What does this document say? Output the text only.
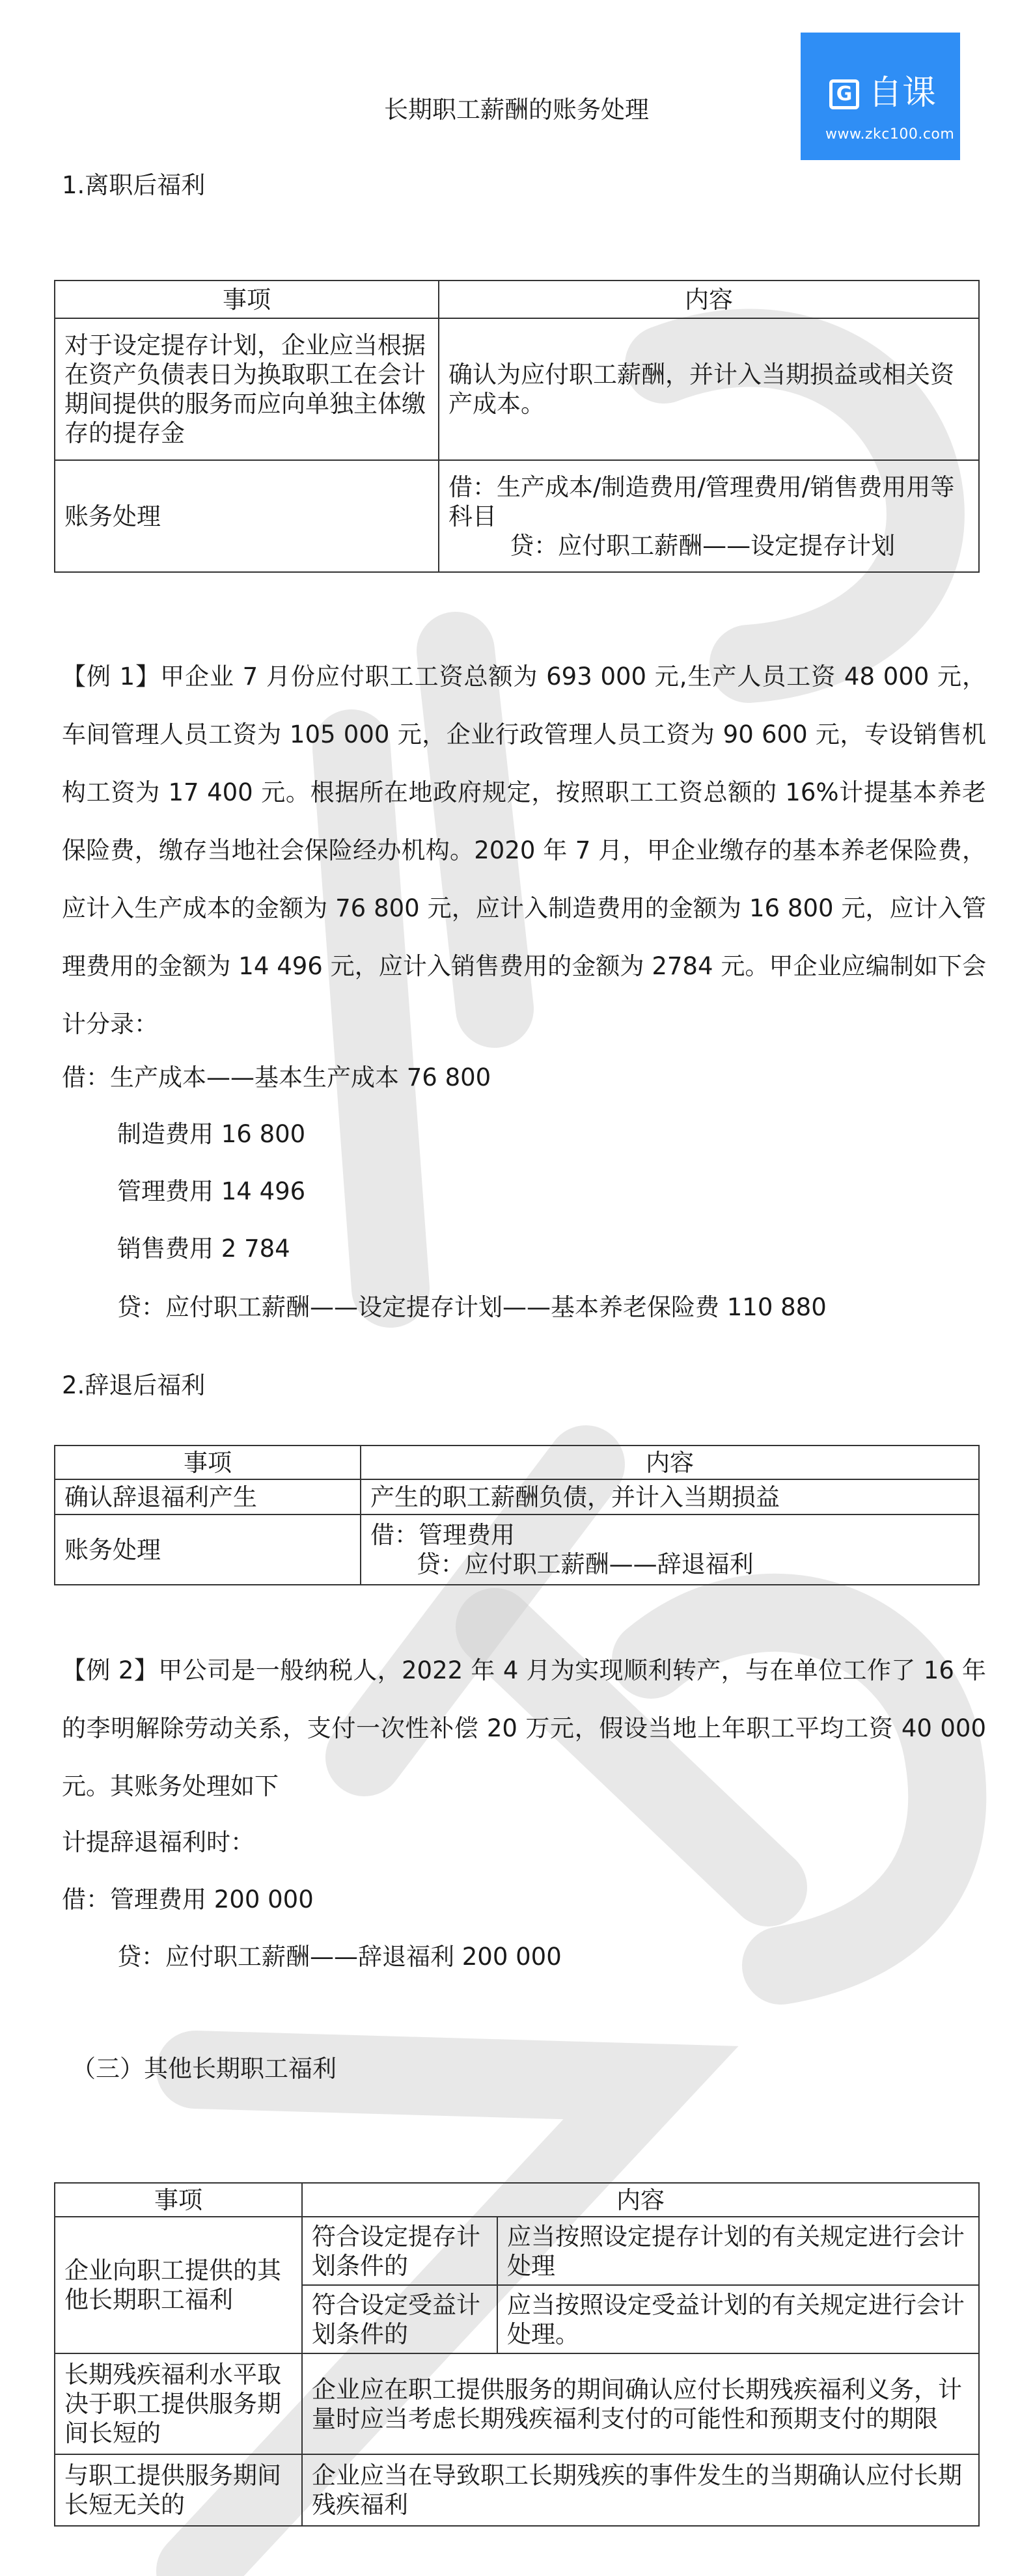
长期职工薪酬的账务处理
G 自课
www.zkc100.com
1.离职后福利
事项	内容
对于设定提存计划，企业应当根据在资产负债表日为换取职工在会计期间提供的服务而应向单独主体缴存的提存金	确认为应付职工薪酬，并计入当期损益或相关资产成本。
账务处理	借：生产成本/制造费用/管理费用/销售费用用等科目
贷：应付职工薪酬——设定提存计划
【例 1】甲企业 7 月份应付职工工资总额为 693 000 元,生产人员工资 48 000 元，车间管理人员工资为 105 000 元，企业行政管理人员工资为 90 600 元，专设销售机构工资为 17 400 元。根据所在地政府规定，按照职工工资总额的 16%计提基本养老保险费，缴存当地社会保险经办机构。2020 年 7 月，甲企业缴存的基本养老保险费，应计入生产成本的金额为 76 800 元，应计入制造费用的金额为 16 800 元，应计入管理费用的金额为 14 496 元，应计入销售费用的金额为 2784 元。甲企业应编制如下会计分录：
借：生产成本——基本生产成本 76 800
制造费用 16 800
管理费用 14 496
销售费用 2 784
贷：应付职工薪酬——设定提存计划——基本养老保险费 110 880
2.辞退后福利
事项	内容
确认辞退福利产生	产生的职工薪酬负债，并计入当期损益
账务处理	借：管理费用
贷：应付职工薪酬——辞退福利
【例 2】甲公司是一般纳税人，2022 年 4 月为实现顺利转产，与在单位工作了 16 年的李明解除劳动关系，支付一次性补偿 20 万元，假设当地上年职工平均工资 40 000 元。其账务处理如下
计提辞退福利时：
借：管理费用 200 000
贷：应付职工薪酬——辞退福利 200 000
（三）其他长期职工福利
事项	内容	
企业向职工提供的其他长期职工福利	符合设定提存计划条件的	应当按照设定提存计划的有关规定进行会计处理
	符合设定受益计划条件的	应当按照设定受益计划的有关规定进行会计处理。
长期残疾福利水平取决于职工提供服务期间长短的	企业应在职工提供服务的期间确认应付长期残疾福利义务，计量时应当考虑长期残疾福利支付的可能性和预期支付的期限	
与职工提供服务期间长短无关的	企业应当在导致职工长期残疾的事件发生的当期确认应付长期残疾福利	
